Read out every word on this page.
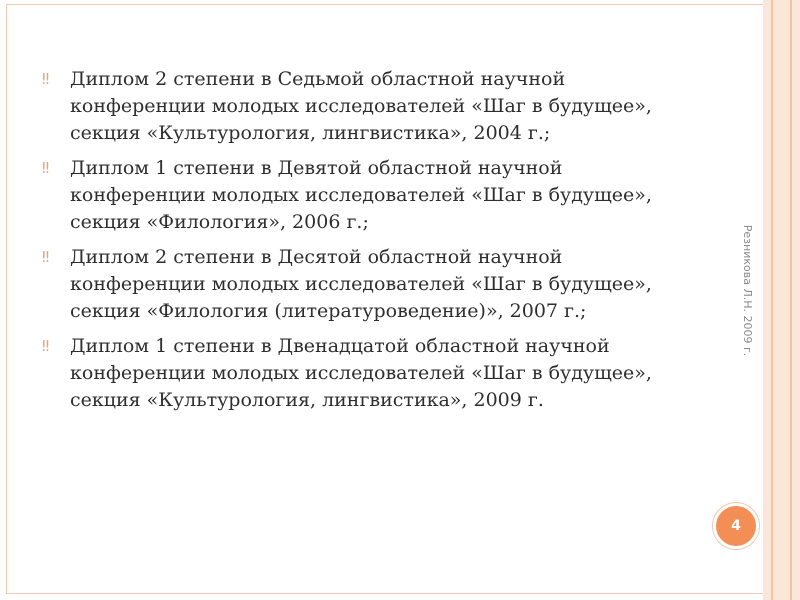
‼	Диплом 2 степени в Седьмой областной научной
конференции молодых исследователей «Шаг в будущее»,
секция «Культурология, лингвистика», 2004 г.;
‼	Диплом 1 степени в Девятой областной научной
конференции молодых исследователей «Шаг в будущее»,
секция «Филология», 2006 г.;
‼	Диплом 2 степени в Десятой областной научной
конференции молодых исследователей «Шаг в будущее»,
секция «Филология (литературоведение)», 2007 г.;
‼	Диплом 1 степени в Двенадцатой областной научной
конференции молодых исследователей «Шаг в будущее»,
секция «Культурология, лингвистика», 2009 г.
Резникова Л.Н. 2009 г.
4
